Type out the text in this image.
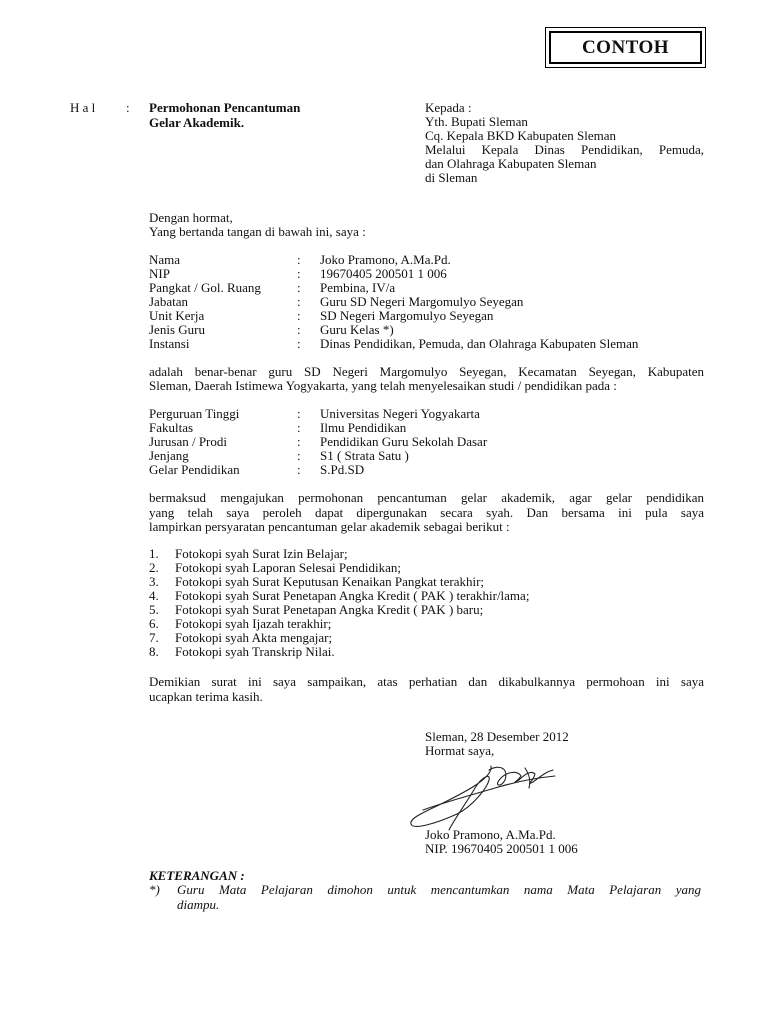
CONTOH
H a l : Permohonan Pencantuman
Gelar Akademik.
Kepada :
Yth. Bupati Sleman
Cq. Kepala BKD Kabupaten Sleman
Melalui Kepala Dinas Pendidikan, Pemuda,
dan Olahraga Kabupaten Sleman
di Sleman
Dengan hormat,
Yang bertanda tangan di bawah ini, saya :
Nama	: Joko Pramono, A.Ma.Pd.
NIP	: 19670405 200501 1 006
Pangkat / Gol. Ruang	: Pembina, IV/a
Jabatan	: Guru SD Negeri Margomulyo Seyegan
Unit Kerja	: SD Negeri Margomulyo Seyegan
Jenis Guru	: Guru Kelas *)
Instansi	: Dinas Pendidikan, Pemuda, dan Olahraga Kabupaten Sleman
adalah benar-benar guru SD Negeri Margomulyo Seyegan, Kecamatan Seyegan, Kabupaten
Sleman, Daerah Istimewa Yogyakarta, yang telah menyelesaikan studi / pendidikan pada :
Perguruan Tinggi	: Universitas Negeri Yogyakarta
Fakultas	: Ilmu Pendidikan
Jurusan / Prodi	: Pendidikan Guru Sekolah Dasar
Jenjang	: S1 ( Strata Satu )
Gelar Pendidikan	: S.Pd.SD
bermaksud mengajukan permohonan pencantuman gelar akademik, agar gelar pendidikan
yang telah saya peroleh dapat dipergunakan secara syah. Dan bersama ini pula saya
lampirkan persyaratan pencantuman gelar akademik sebagai berikut :
1. Fotokopi syah Surat Izin Belajar;
2. Fotokopi syah Laporan Selesai Pendidikan;
3. Fotokopi syah Surat Keputusan Kenaikan Pangkat terakhir;
4. Fotokopi syah Surat Penetapan Angka Kredit ( PAK ) terakhir/lama;
5. Fotokopi syah Surat Penetapan Angka Kredit ( PAK ) baru;
6. Fotokopi syah Ijazah terakhir;
7. Fotokopi syah Akta mengajar;
8. Fotokopi syah Transkrip Nilai.
Demikian surat ini saya sampaikan, atas perhatian dan dikabulkannya permohoan ini saya
ucapkan terima kasih.
Sleman, 28 Desember 2012
Hormat saya,
Joko Pramono, A.Ma.Pd.
NIP. 19670405 200501 1 006
KETERANGAN :
*) Guru Mata Pelajaran dimohon untuk mencantumkan nama Mata Pelajaran yang
diampu.
